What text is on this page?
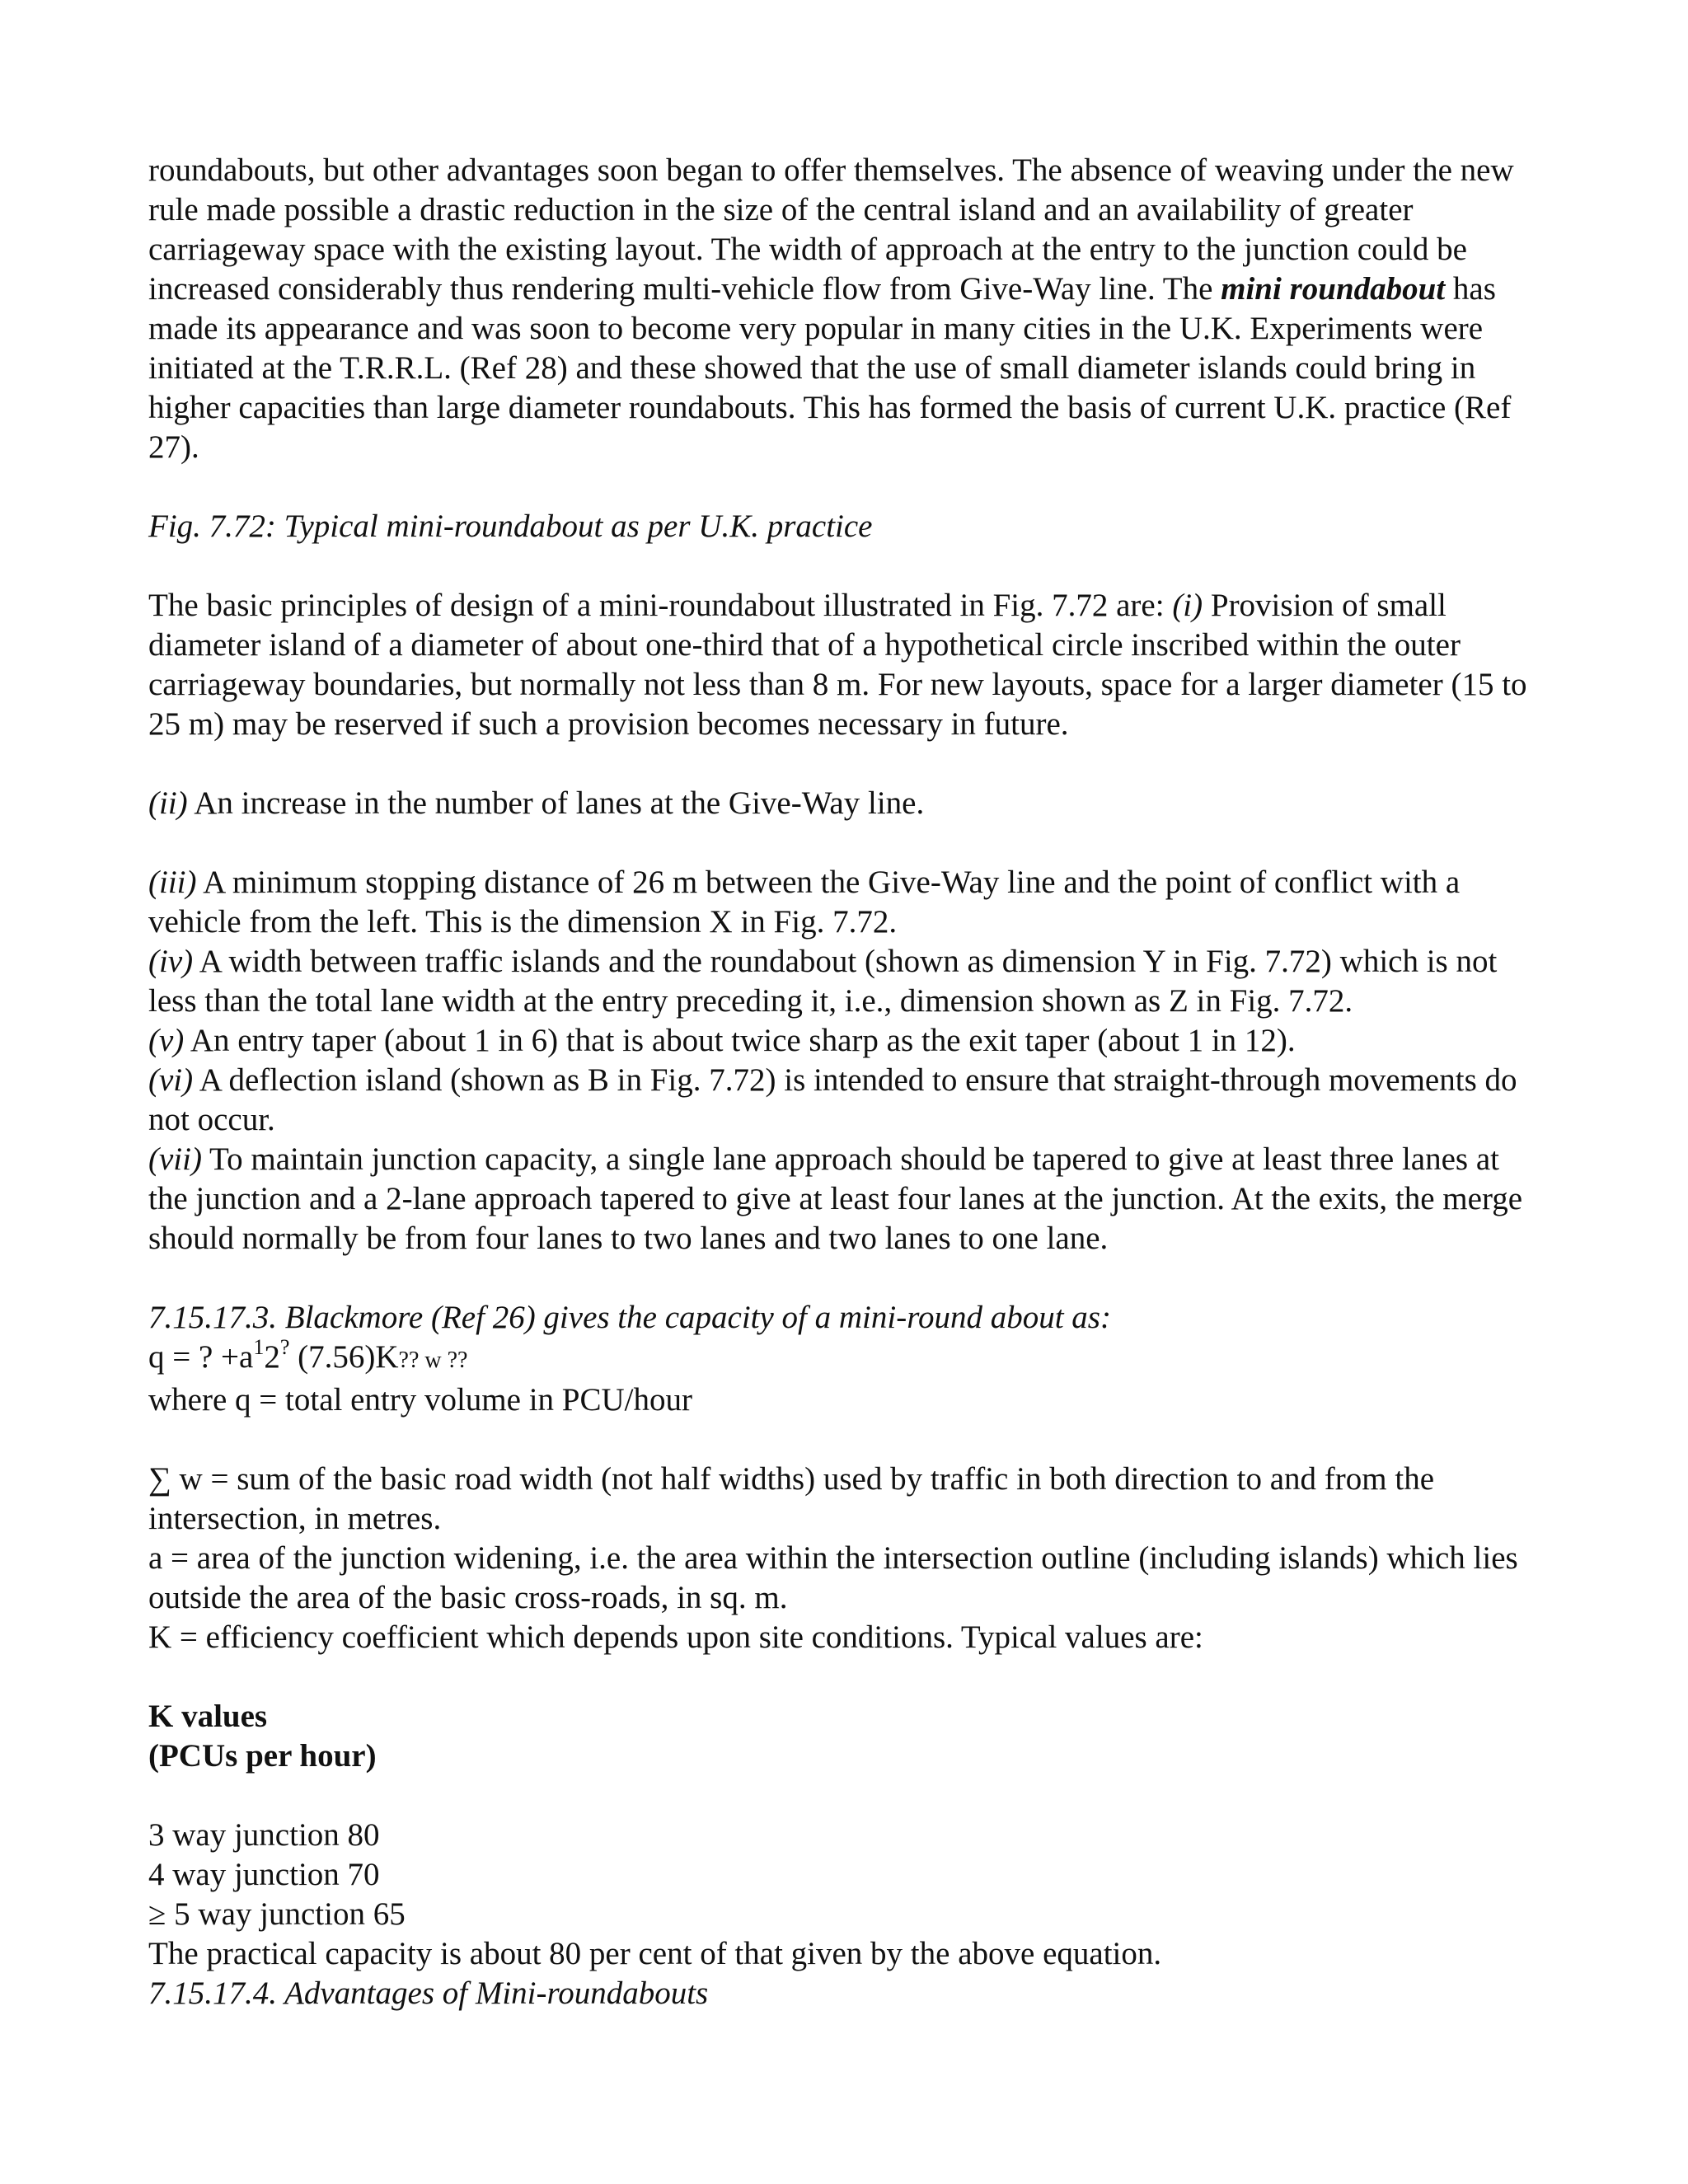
roundabouts, but other advantages soon began to offer themselves. The absence of weaving under the new rule made possible a drastic reduction in the size of the central island and an availability of greater carriageway space with the existing layout. The width of approach at the entry to the junction could be increased considerably thus rendering multi-vehicle flow from Give-Way line. The mini roundabout has made its appearance and was soon to become very popular in many cities in the U.K. Experiments were initiated at the T.R.R.L. (Ref 28) and these showed that the use of small diameter islands could bring in higher capacities than large diameter roundabouts. This has formed the basis of current U.K. practice (Ref 27).

Fig. 7.72: Typical mini-roundabout as per U.K. practice

The basic principles of design of a mini-roundabout illustrated in Fig. 7.72 are: (i) Provision of small diameter island of a diameter of about one-third that of a hypothetical circle inscribed within the outer carriageway boundaries, but normally not less than 8 m. For new layouts, space for a larger diameter (15 to 25 m) may be reserved if such a provision becomes necessary in future.

(ii) An increase in the number of lanes at the Give-Way line.

(iii) A minimum stopping distance of 26 m between the Give-Way line and the point of conflict with a vehicle from the left. This is the dimension X in Fig. 7.72.

(iv) A width between traffic islands and the roundabout (shown as dimension Y in Fig. 7.72) which is not less than the total lane width at the entry preceding it, i.e., dimension shown as Z in Fig. 7.72.

(v) An entry taper (about 1 in 6) that is about twice sharp as the exit taper (about 1 in 12).

(vi) A deflection island (shown as B in Fig. 7.72) is intended to ensure that straight-through movements do not occur.

(vii) To maintain junction capacity, a single lane approach should be tapered to give at least three lanes at the junction and a 2-lane approach tapered to give at least four lanes at the junction. At the exits, the merge should normally be from four lanes to two lanes and two lanes to one lane.

7.15.17.3. Blackmore (Ref 26) gives the capacity of a mini-round about as:

q = ? $+a^12^?$ (7.56)K?? w ??

where q = total entry volume in PCU/hour

∑ w = sum of the basic road width (not half widths) used by traffic in both direction to and from the intersection, in metres.

a = area of the junction widening, i.e. the area within the intersection outline (including islands) which lies outside the area of the basic cross-roads, in sq. m.

K = efficiency coefficient which depends upon site conditions. Typical values are:

K values

(PCUs per hour)

3 way junction 80

4 way junction 70

≥ 5 way junction 65

The practical capacity is about 80 per cent of that given by the above equation.

7.15.17.4. Advantages of Mini-roundabouts
